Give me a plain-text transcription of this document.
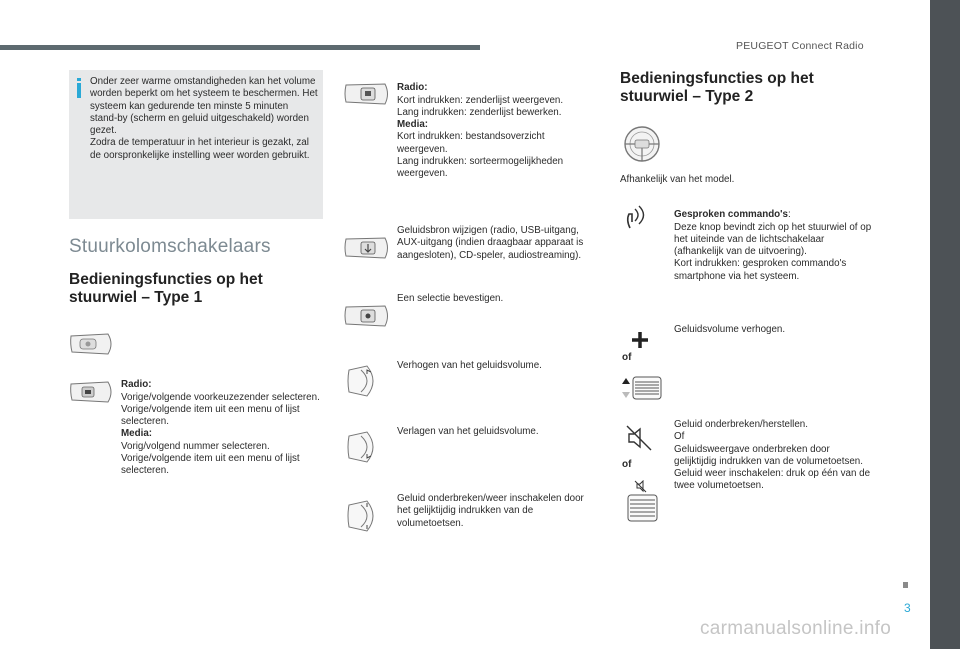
PEUGEOT Connect Radio
3
carmanualsonline.info
Onder zeer warme omstandigheden kan het volume worden beperkt om het systeem te beschermen. Het systeem kan gedurende ten minste 5 minuten stand-by (scherm en geluid uitgeschakeld) worden gezet.
Zodra de temperatuur in het interieur is gezakt, zal de oorspronkelijke instelling weer worden gebruikt.
Stuurkolomschakelaars
Bedieningsfuncties op het
stuurwiel – Type 1

Radio:
Vorige/volgende voorkeuzezender selecteren.
Vorige/volgende item uit een menu of lijst selecteren.

Media:
Vorig/volgend nummer selecteren.
Vorige/volgende item uit een menu of lijst selecteren.

Radio:
Kort indrukken: zenderlijst weergeven.
Lang indrukken: zenderlijst bewerken.

Media:
Kort indrukken: bestandsoverzicht weergeven.
Lang indrukken: sorteermogelijkheden weergeven.

Geluidsbron wijzigen (radio, USB-uitgang, AUX-uitgang (indien draagbaar apparaat is aangesloten), CD-speler, audiostreaming).
Een selectie bevestigen.
Verhogen van het geluidsvolume.
Verlagen van het geluidsvolume.
Geluid onderbreken/weer inschakelen door het gelijktijdig indrukken van de volumetoetsen.
Bedieningsfuncties op het
stuurwiel – Type 2
Afhankelijk van het model.

Gesproken commando's:

Deze knop bevindt zich op het stuurwiel of op het uiteinde van de lichtschakelaar (afhankelijk van de uitvoering).
Kort indrukken: gesproken commando's smartphone via het systeem.

of
Geluidsvolume verhogen.
of
Geluid onderbreken/herstellen.
Of
Geluidsweergave onderbreken door gelijktijdig indrukken van de volumetoetsen.
Geluid weer inschakelen: druk op één van de twee volumetoetsen.
